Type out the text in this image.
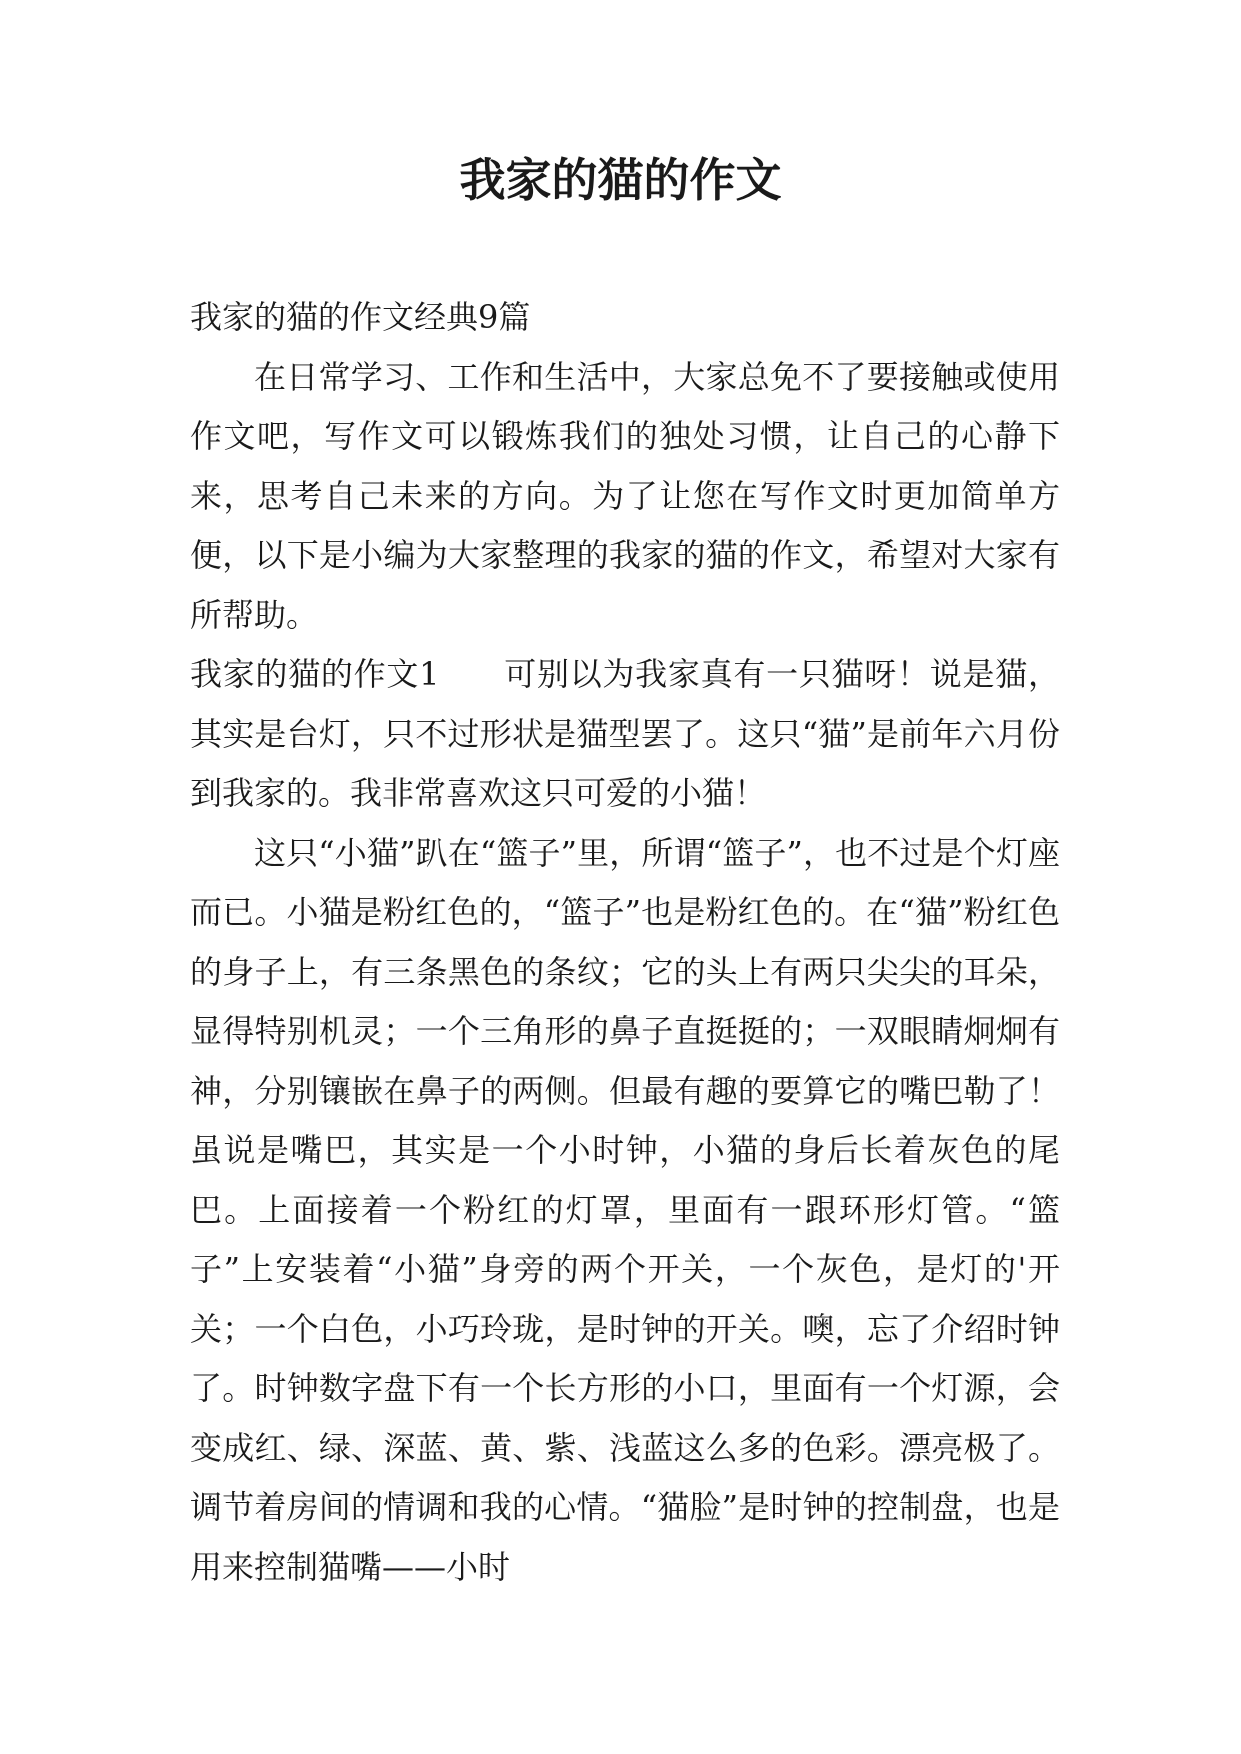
我家的猫的作文

我家的猫的作文经典9篇

在日常学习、工作和生活中，大家总免不了要接触或使用作文吧，写作文可以锻炼我们的独处习惯，让自己的心静下来，思考自己未来的方向。为了让您在写作文时更加简单方便，以下是小编为大家整理的我家的猫的作文，希望对大家有所帮助。

我家的猫的作文1 可别以为我家真有一只猫呀！说是猫，其实是台灯，只不过形状是猫型罢了。这只“猫”是前年六月份到我家的。我非常喜欢这只可爱的小猫！

这只“小猫”趴在“篮子”里，所谓“篮子”，也不过是个灯座而已。小猫是粉红色的，“篮子”也是粉红色的。在“猫”粉红色的身子上，有三条黑色的条纹；它的头上有两只尖尖的耳朵，显得特别机灵；一个三角形的鼻子直挺挺的；一双眼睛炯炯有神，分别镶嵌在鼻子的两侧。但最有趣的要算它的嘴巴勒了！虽说是嘴巴，其实是一个小时钟，小猫的身后长着灰色的尾巴。上面接着一个粉红的灯罩，里面有一跟环形灯管。“篮子”上安装着“小猫”身旁的两个开关，一个灰色，是灯的'开关；一个白色，小巧玲珑，是时钟的开关。噢，忘了介绍时钟了。时钟数字盘下有一个长方形的小口，里面有一个灯源，会变成红、绿、深蓝、黄、紫、浅蓝这么多的色彩。漂亮极了。调节着房间的情调和我的心情。“猫脸”是时钟的控制盘，也是用来控制猫嘴——小时
